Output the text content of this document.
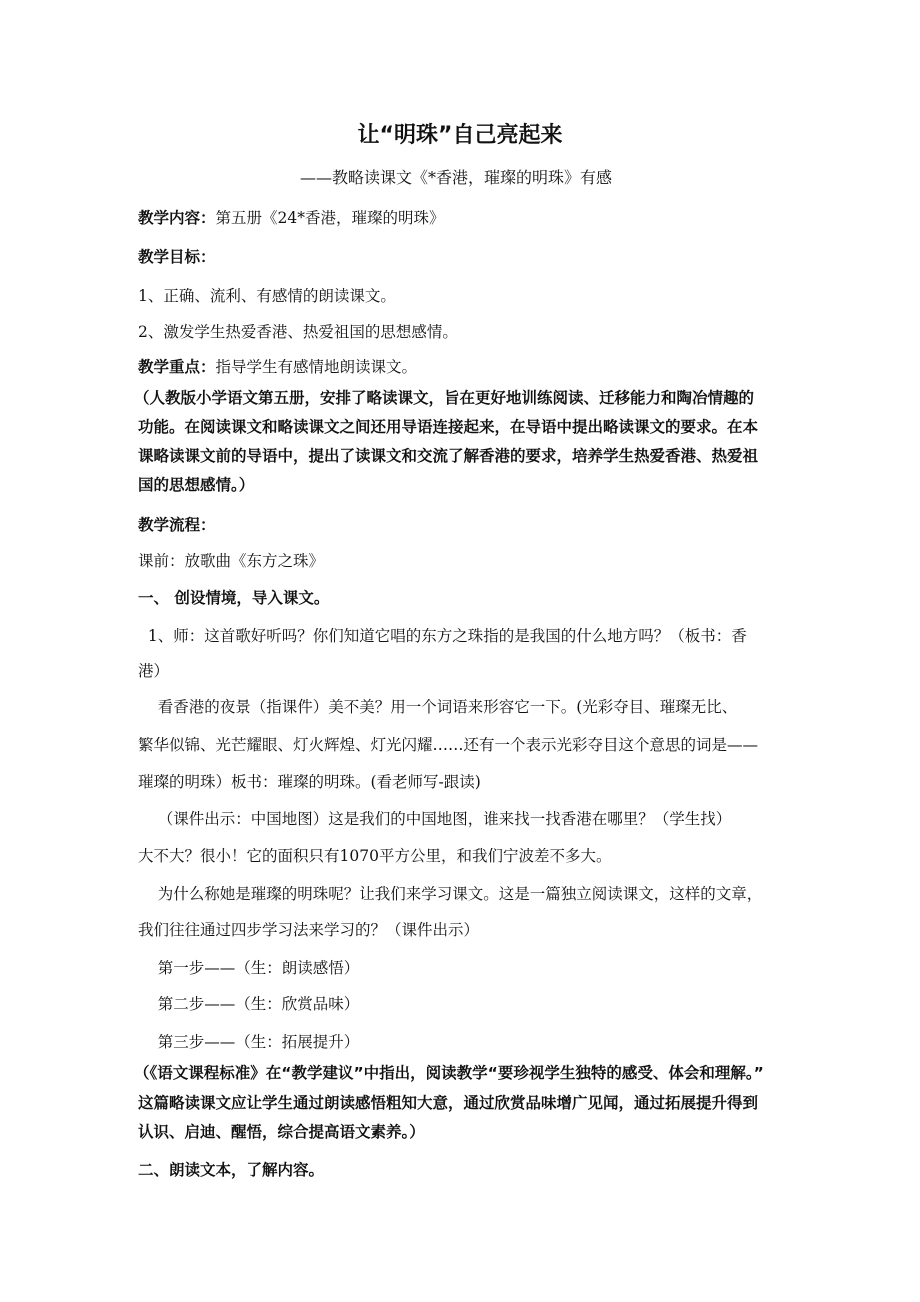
让“明珠”自己亮起来
——教略读课文《*香港，璀璨的明珠》有感
教学内容：第五册《24*香港，璀璨的明珠》
教学目标：
1、正确、流利、有感情的朗读课文。
2、激发学生热爱香港、热爱祖国的思想感情。
教学重点：指导学生有感情地朗读课文。
（人教版小学语文第五册，安排了略读课文，旨在更好地训练阅读、迁移能力和陶冶情趣的
功能。在阅读课文和略读课文之间还用导语连接起来，在导语中提出略读课文的要求。在本
课略读课文前的导语中，提出了读课文和交流了解香港的要求，培养学生热爱香港、热爱祖
国的思想感情。）
教学流程：
课前：放歌曲《东方之珠》
一、 创设情境，导入课文。
1、师：这首歌好听吗？你们知道它唱的东方之珠指的是我国的什么地方吗？（板书：香
港）
看香港的夜景（指课件）美不美？用一个词语来形容它一下。(光彩夺目、璀璨无比、
繁华似锦、光芒耀眼、灯火辉煌、灯光闪耀……还有一个表示光彩夺目这个意思的词是——
璀璨的明珠）板书：璀璨的明珠。(看老师写-跟读)
（课件出示：中国地图）这是我们的中国地图，谁来找一找香港在哪里？（学生找）
大不大？很小！它的面积只有1070平方公里，和我们宁波差不多大。
为什么称她是璀璨的明珠呢？让我们来学习课文。这是一篇独立阅读课文，这样的文章，
我们往往通过四步学习法来学习的？（课件出示）
第一步——（生：朗读感悟）
第二步——（生：欣赏品味）
第三步——（生：拓展提升）
（《语文课程标准》在“教学建议”中指出，阅读教学“要珍视学生独特的感受、体会和理解。”
这篇略读课文应让学生通过朗读感悟粗知大意，通过欣赏品味增广见闻，通过拓展提升得到
认识、启迪、醒悟，综合提高语文素养。）
二、朗读文本，了解内容。
